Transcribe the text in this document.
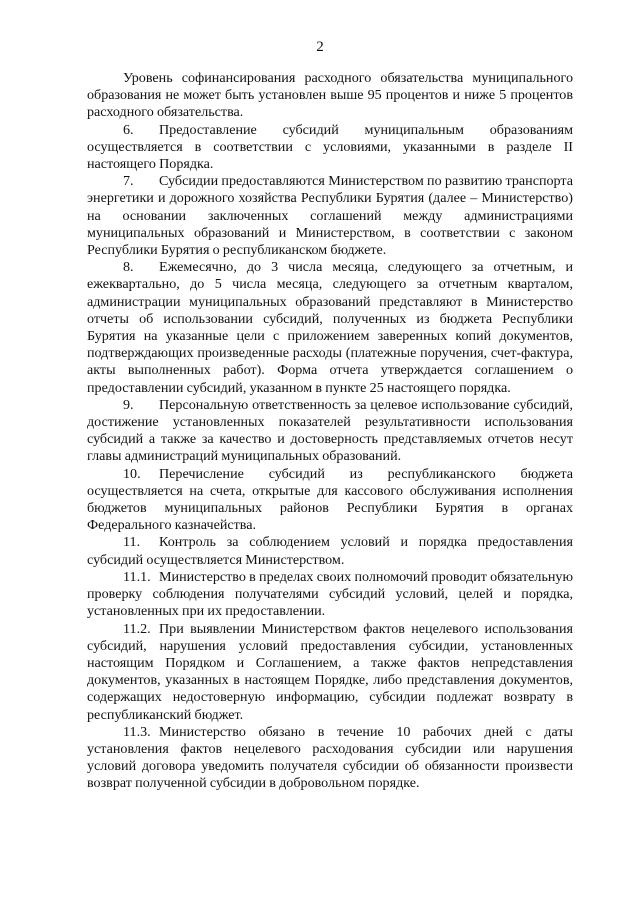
2

Уровень софинансирования расходного обязательства муниципального образования не может быть установлен выше 95 процентов и ниже 5 процентов расходного обязательства.

6. Предоставление субсидий муниципальным образованиям осуществляется в соответствии с условиями, указанными в разделе II настоящего Порядка.

7. Субсидии предоставляются Министерством по развитию транспорта энергетики и дорожного хозяйства Республики Бурятия (далее – Министерство) на основании заключенных соглашений между администрациями муниципальных образований и Министерством, в соответствии с законом Республики Бурятия о республиканском бюджете.

8. Ежемесячно, до 3 числа месяца, следующего за отчетным, и ежеквартально, до 5 числа месяца, следующего за отчетным кварталом, администрации муниципальных образований представляют в Министерство отчеты об использовании субсидий, полученных из бюджета Республики Бурятия на указанные цели с приложением заверенных копий документов, подтверждающих произведенные расходы (платежные поручения, счет-фактура, акты выполненных работ). Форма отчета утверждается соглашением о предоставлении субсидий, указанном в пункте 25 настоящего порядка.

9. Персональную ответственность за целевое использование субсидий, достижение установленных показателей результативности использования субсидий а также за качество и достоверность представляемых отчетов несут главы администраций муниципальных образований.

10. Перечисление субсидий из республиканского бюджета осуществляется на счета, открытые для кассового обслуживания исполнения бюджетов муниципальных районов Республики Бурятия в органах Федерального казначейства.

11. Контроль за соблюдением условий и порядка предоставления субсидий осуществляется Министерством.

11.1. Министерство в пределах своих полномочий проводит обязательную проверку соблюдения получателями субсидий условий, целей и порядка, установленных при их предоставлении.

11.2. При выявлении Министерством фактов нецелевого использования субсидий, нарушения условий предоставления субсидии, установленных настоящим Порядком и Соглашением, а также фактов непредставления документов, указанных в настоящем Порядке, либо представления документов, содержащих недостоверную информацию, субсидии подлежат возврату в республиканский бюджет.

11.3. Министерство обязано в течение 10 рабочих дней с даты установления фактов нецелевого расходования субсидии или нарушения условий договора уведомить получателя субсидии об обязанности произвести возврат полученной субсидии в добровольном порядке.
